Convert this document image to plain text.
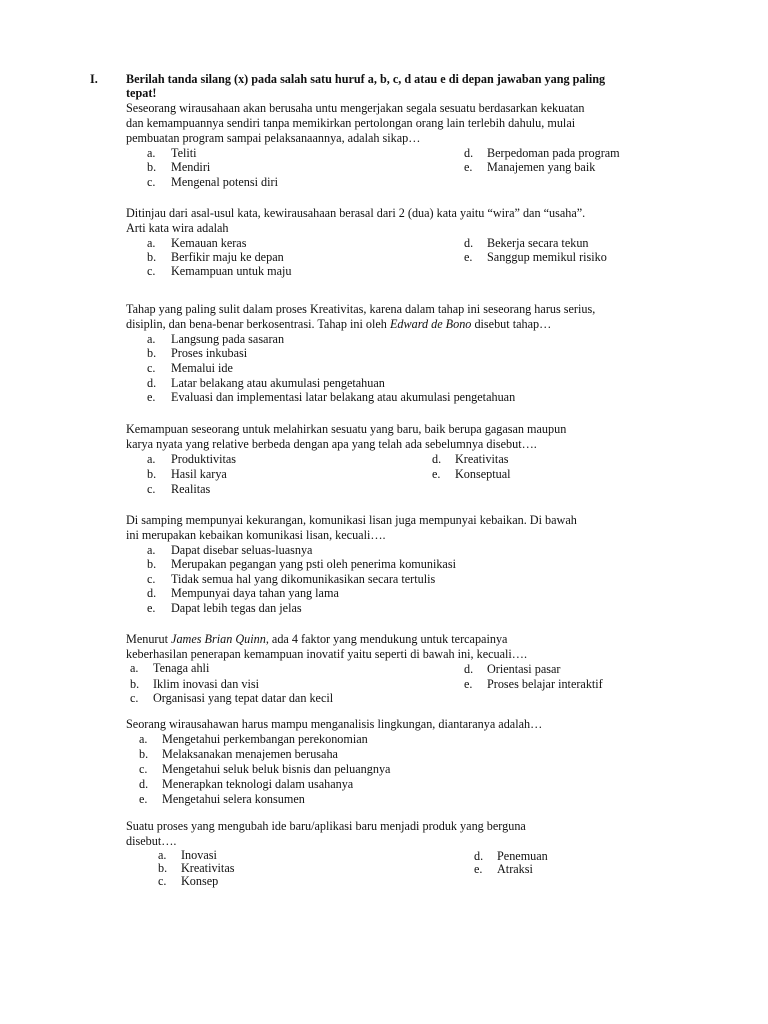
I. Berilah tanda silang (x) pada salah satu huruf a, b, c, d atau e di depan jawaban yang paling
tepat!
Seseorang wirausahaan akan berusaha untu mengerjakan segala sesuatu berdasarkan kekuatan
dan kemampuannya sendiri tanpa memikirkan pertolongan orang lain terlebih dahulu, mulai
pembuatan program sampai pelaksanaannya, adalah sikap…
a. Teliti
b. Mendiri
c. Mengenal potensi diri
d. Berpedoman pada program
e. Manajemen yang baik
Ditinjau dari asal-usul kata, kewirausahaan berasal dari 2 (dua) kata yaitu “wira” dan “usaha”.
Arti kata wira adalah
a. Kemauan keras
b. Berfikir maju ke depan
c. Kemampuan untuk maju
d. Bekerja secara tekun
e. Sanggup memikul risiko
Tahap yang paling sulit dalam proses Kreativitas, karena dalam tahap ini seseorang harus serius,
disiplin, dan bena-benar berkosentrasi. Tahap ini oleh Edward de Bono disebut tahap…
a. Langsung pada sasaran
b. Proses inkubasi
c. Memalui ide
d. Latar belakang atau akumulasi pengetahuan
e. Evaluasi dan implementasi latar belakang atau akumulasi pengetahuan
Kemampuan seseorang untuk melahirkan sesuatu yang baru, baik berupa gagasan maupun
karya nyata yang relative berbeda dengan apa yang telah ada sebelumnya disebut….
a. Produktivitas
b. Hasil karya
c. Realitas
d. Kreativitas
e. Konseptual
Di samping mempunyai kekurangan, komunikasi lisan juga mempunyai kebaikan. Di bawah
ini merupakan kebaikan komunikasi lisan, kecuali….
a. Dapat disebar seluas-luasnya
b. Merupakan pegangan yang psti oleh penerima komunikasi
c. Tidak semua hal yang dikomunikasikan secara tertulis
d. Mempunyai daya tahan yang lama
e. Dapat lebih tegas dan jelas
Menurut James Brian Quinn, ada 4 faktor yang mendukung untuk tercapainya
keberhasilan penerapan kemampuan inovatif yaitu seperti di bawah ini, kecuali….
a. Tenaga ahli
b. Iklim inovasi dan visi
c. Organisasi yang tepat datar dan kecil
d. Orientasi pasar
e. Proses belajar interaktif
Seorang wirausahawan harus mampu menganalisis lingkungan, diantaranya adalah…
a. Mengetahui perkembangan perekonomian
b. Melaksanakan menajemen berusaha
c. Mengetahui seluk beluk bisnis dan peluangnya
d. Menerapkan teknologi dalam usahanya
e. Mengetahui selera konsumen
Suatu proses yang mengubah ide baru/aplikasi baru menjadi produk yang berguna
disebut….
a. Inovasi
b. Kreativitas
c. Konsep
d. Penemuan
e. Atraksi
